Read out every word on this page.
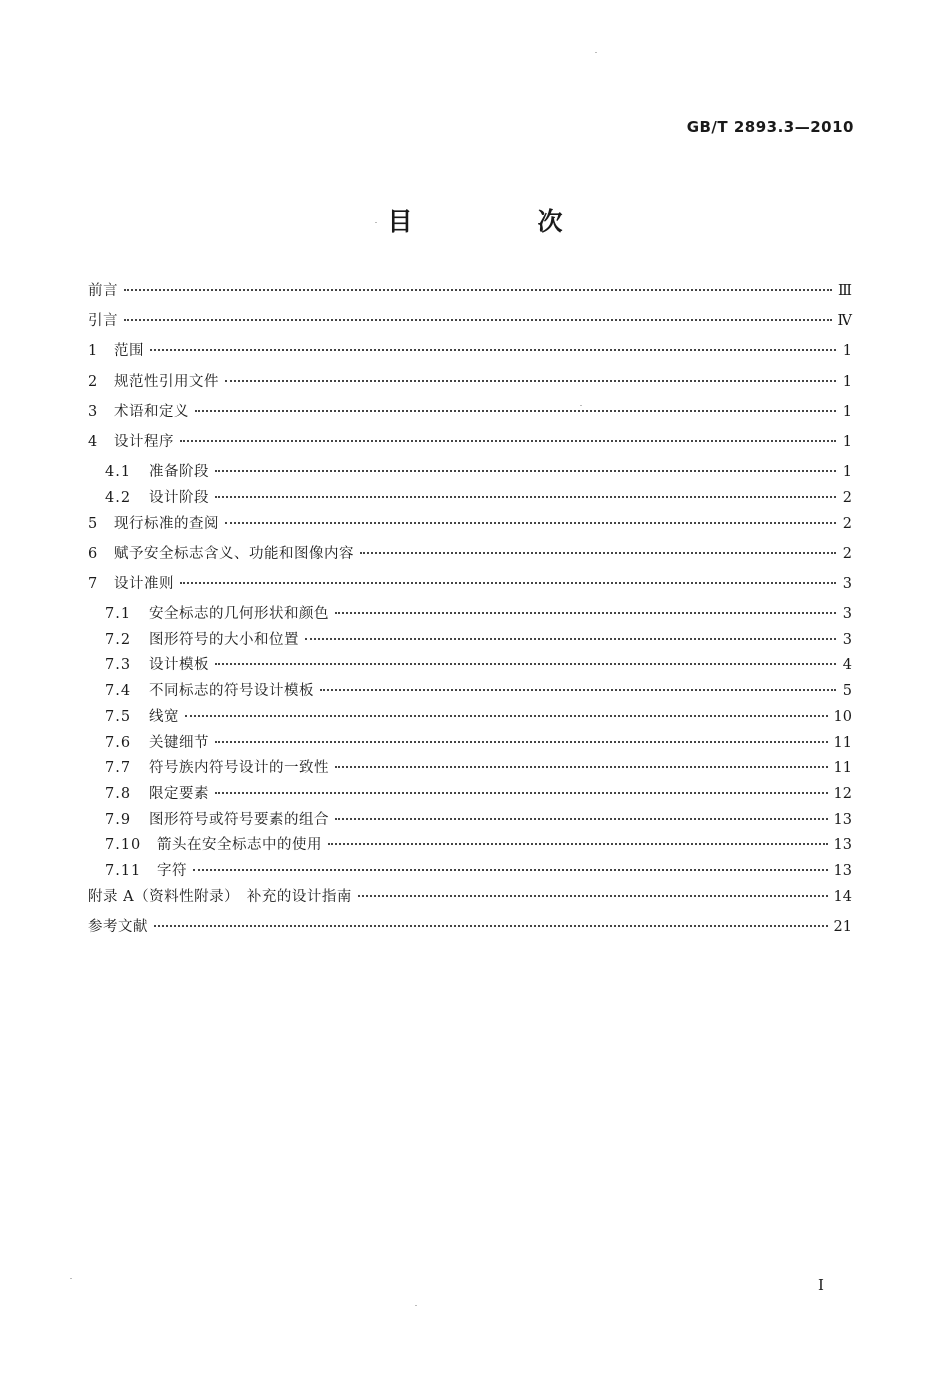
GB/T 2893.3—2010
目　次
前言	Ⅲ
引言	Ⅳ
1	范围	1
2	规范性引用文件	1
3	术语和定义	1
4	设计程序	1
4.1	准备阶段	1
4.2	设计阶段	2
5	现行标准的查阅	2
6	赋予安全标志含义、功能和图像内容	2
7	设计准则	3
7.1	安全标志的几何形状和颜色	3
7.2	图形符号的大小和位置	3
7.3	设计模板	4
7.4	不同标志的符号设计模板	5
7.5	线宽	10
7.6	关键细节	11
7.7	符号族内符号设计的一致性	11
7.8	限定要素	12
7.9	图形符号或符号要素的组合	13
7.10	箭头在安全标志中的使用	13
7.11	字符	13
附录 A（资料性附录）　补充的设计指南	14
参考文献	21
I
